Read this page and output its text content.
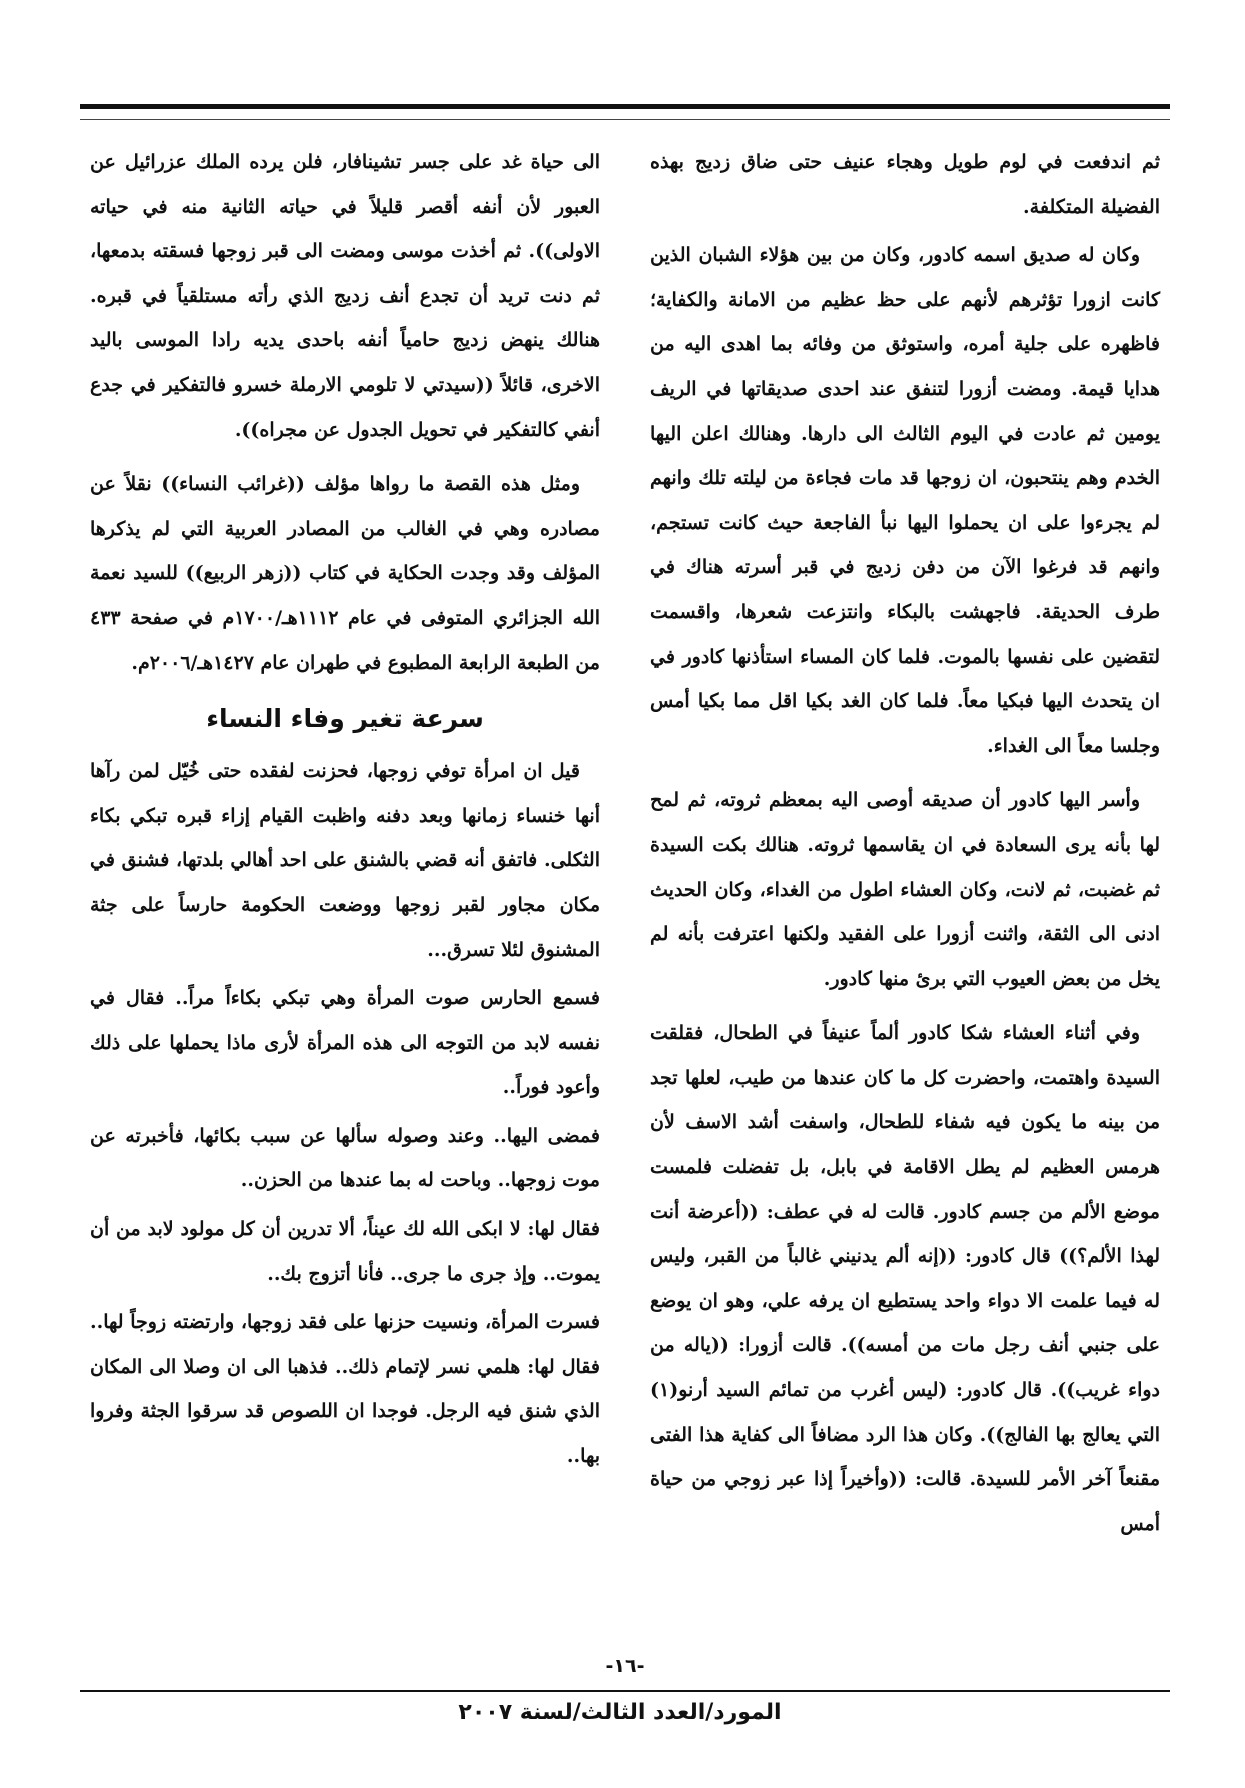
ثم اندفعت في لوم طويل وهجاء عنيف حتى ضاق زديج بهذه الفضيلة المتكلفة.

وكان له صديق اسمه كادور، وكان من بين هؤلاء الشبان الذين كانت ازورا تؤثرهم لأنهم على حظ عظيم من الامانة والكفاية؛ فاظهره على جلية أمره، واستوثق من وفائه بما اهدى اليه من هدايا قيمة. ومضت أزورا لتنفق عند احدى صديقاتها في الريف يومين ثم عادت في اليوم الثالث الى دارها. وهنالك اعلن اليها الخدم وهم ينتحبون، ان زوجها قد مات فجاءة من ليلته تلك وانهم لم يجرءوا على ان يحملوا اليها نبأ الفاجعة حيث كانت تستجم، وانهم قد فرغوا الآن من دفن زديج في قبر أسرته هناك في طرف الحديقة. فاجهشت بالبكاء وانتزعت شعرها، واقسمت لتقضين على نفسها بالموت. فلما كان المساء استأذنها كادور في ان يتحدث اليها فبكيا معاً. فلما كان الغد بكيا اقل مما بكيا أمس وجلسا معاً الى الغداء.

وأسر اليها كادور أن صديقه أوصى اليه بمعظم ثروته، ثم لمح لها بأنه يرى السعادة في ان يقاسمها ثروته. هنالك بكت السيدة ثم غضبت، ثم لانت، وكان العشاء اطول من الغداء، وكان الحديث ادنى الى الثقة، واثنت أزورا على الفقيد ولكنها اعترفت بأنه لم يخل من بعض العيوب التي برئ منها كادور.

وفي أثناء العشاء شكا كادور ألماً عنيفاً في الطحال، فقلقت السيدة واهتمت، واحضرت كل ما كان عندها من طيب، لعلها تجد من بينه ما يكون فيه شفاء للطحال، واسفت أشد الاسف لأن هرمس العظيم لم يطل الاقامة في بابل، بل تفضلت فلمست موضع الألم من جسم كادور. قالت له في عطف: ((أعرضة أنت لهذا الألم؟)) قال كادور: ((إنه ألم يدنيني غالباً من القبر، وليس له فيما علمت الا دواء واحد يستطيع ان يرفه علي، وهو ان يوضع على جنبي أنف رجل مات من أمسه)). قالت أزورا: ((ياله من دواء غريب)). قال كادور: (ليس أغرب من تمائم السيد أرنو(١) التي يعالج بها الفالج)). وكان هذا الرد مضافاً الى كفاية هذا الفتى مقنعاً آخر الأمر للسيدة. قالت: ((وأخيراً إذا عبر زوجي من حياة أمس

الى حياة غد على جسر تشينافار، فلن يرده الملك عزرائيل عن العبور لأن أنفه أقصر قليلاً في حياته الثانية منه في حياته الاولى)). ثم أخذت موسى ومضت الى قبر زوجها فسقته بدمعها، ثم دنت تريد أن تجدع أنف زديج الذي رأته مستلقياً في قبره. هنالك ينهض زديج حامياً أنفه باحدى يديه رادا الموسى باليد الاخرى، قائلاً ((سيدتي لا تلومي الارملة خسرو فالتفكير في جدع أنفي كالتفكير في تحويل الجدول عن مجراه)).

ومثل هذه القصة ما رواها مؤلف ((غرائب النساء)) نقلاً عن مصادره وهي في الغالب من المصادر العربية التي لم يذكرها المؤلف وقد وجدت الحكاية في كتاب ((زهر الربيع)) للسيد نعمة الله الجزائري المتوفى في عام ١١١٢هـ/١٧٠٠م في صفحة ٤٣٣ من الطبعة الرابعة المطبوع في طهران عام ١٤٢٧هـ/٢٠٠٦م.

سرعة تغير وفاء النساء

قيل ان امرأة توفي زوجها، فحزنت لفقده حتى خُيّل لمن رآها أنها خنساء زمانها وبعد دفنه واظبت القيام إزاء قبره تبكي بكاء الثكلى. فاتفق أنه قضي بالشنق على احد أهالي بلدتها، فشنق في مكان مجاور لقبر زوجها ووضعت الحكومة حارساً على جثة المشنوق لئلا تسرق...

فسمع الحارس صوت المرأة وهي تبكي بكاءاً مراً.. فقال في نفسه لابد من التوجه الى هذه المرأة لأرى ماذا يحملها على ذلك وأعود فوراً..

فمضى اليها.. وعند وصوله سألها عن سبب بكائها، فأخبرته عن موت زوجها.. وباحت له بما عندها من الحزن..

فقال لها: لا ابكى الله لك عيناً، ألا تدرين أن كل مولود لابد من أن يموت.. وإذ جرى ما جرى.. فأنا أتزوج بك..

فسرت المرأة، ونسيت حزنها على فقد زوجها، وارتضته زوجاً لها.. فقال لها: هلمي نسر لإتمام ذلك.. فذهبا الى ان وصلا الى المكان الذي شنق فيه الرجل. فوجدا ان اللصوص قد سرقوا الجثة وفروا بها..

-١٦-
المورد/العدد الثالث/لسنة ٢٠٠٧
